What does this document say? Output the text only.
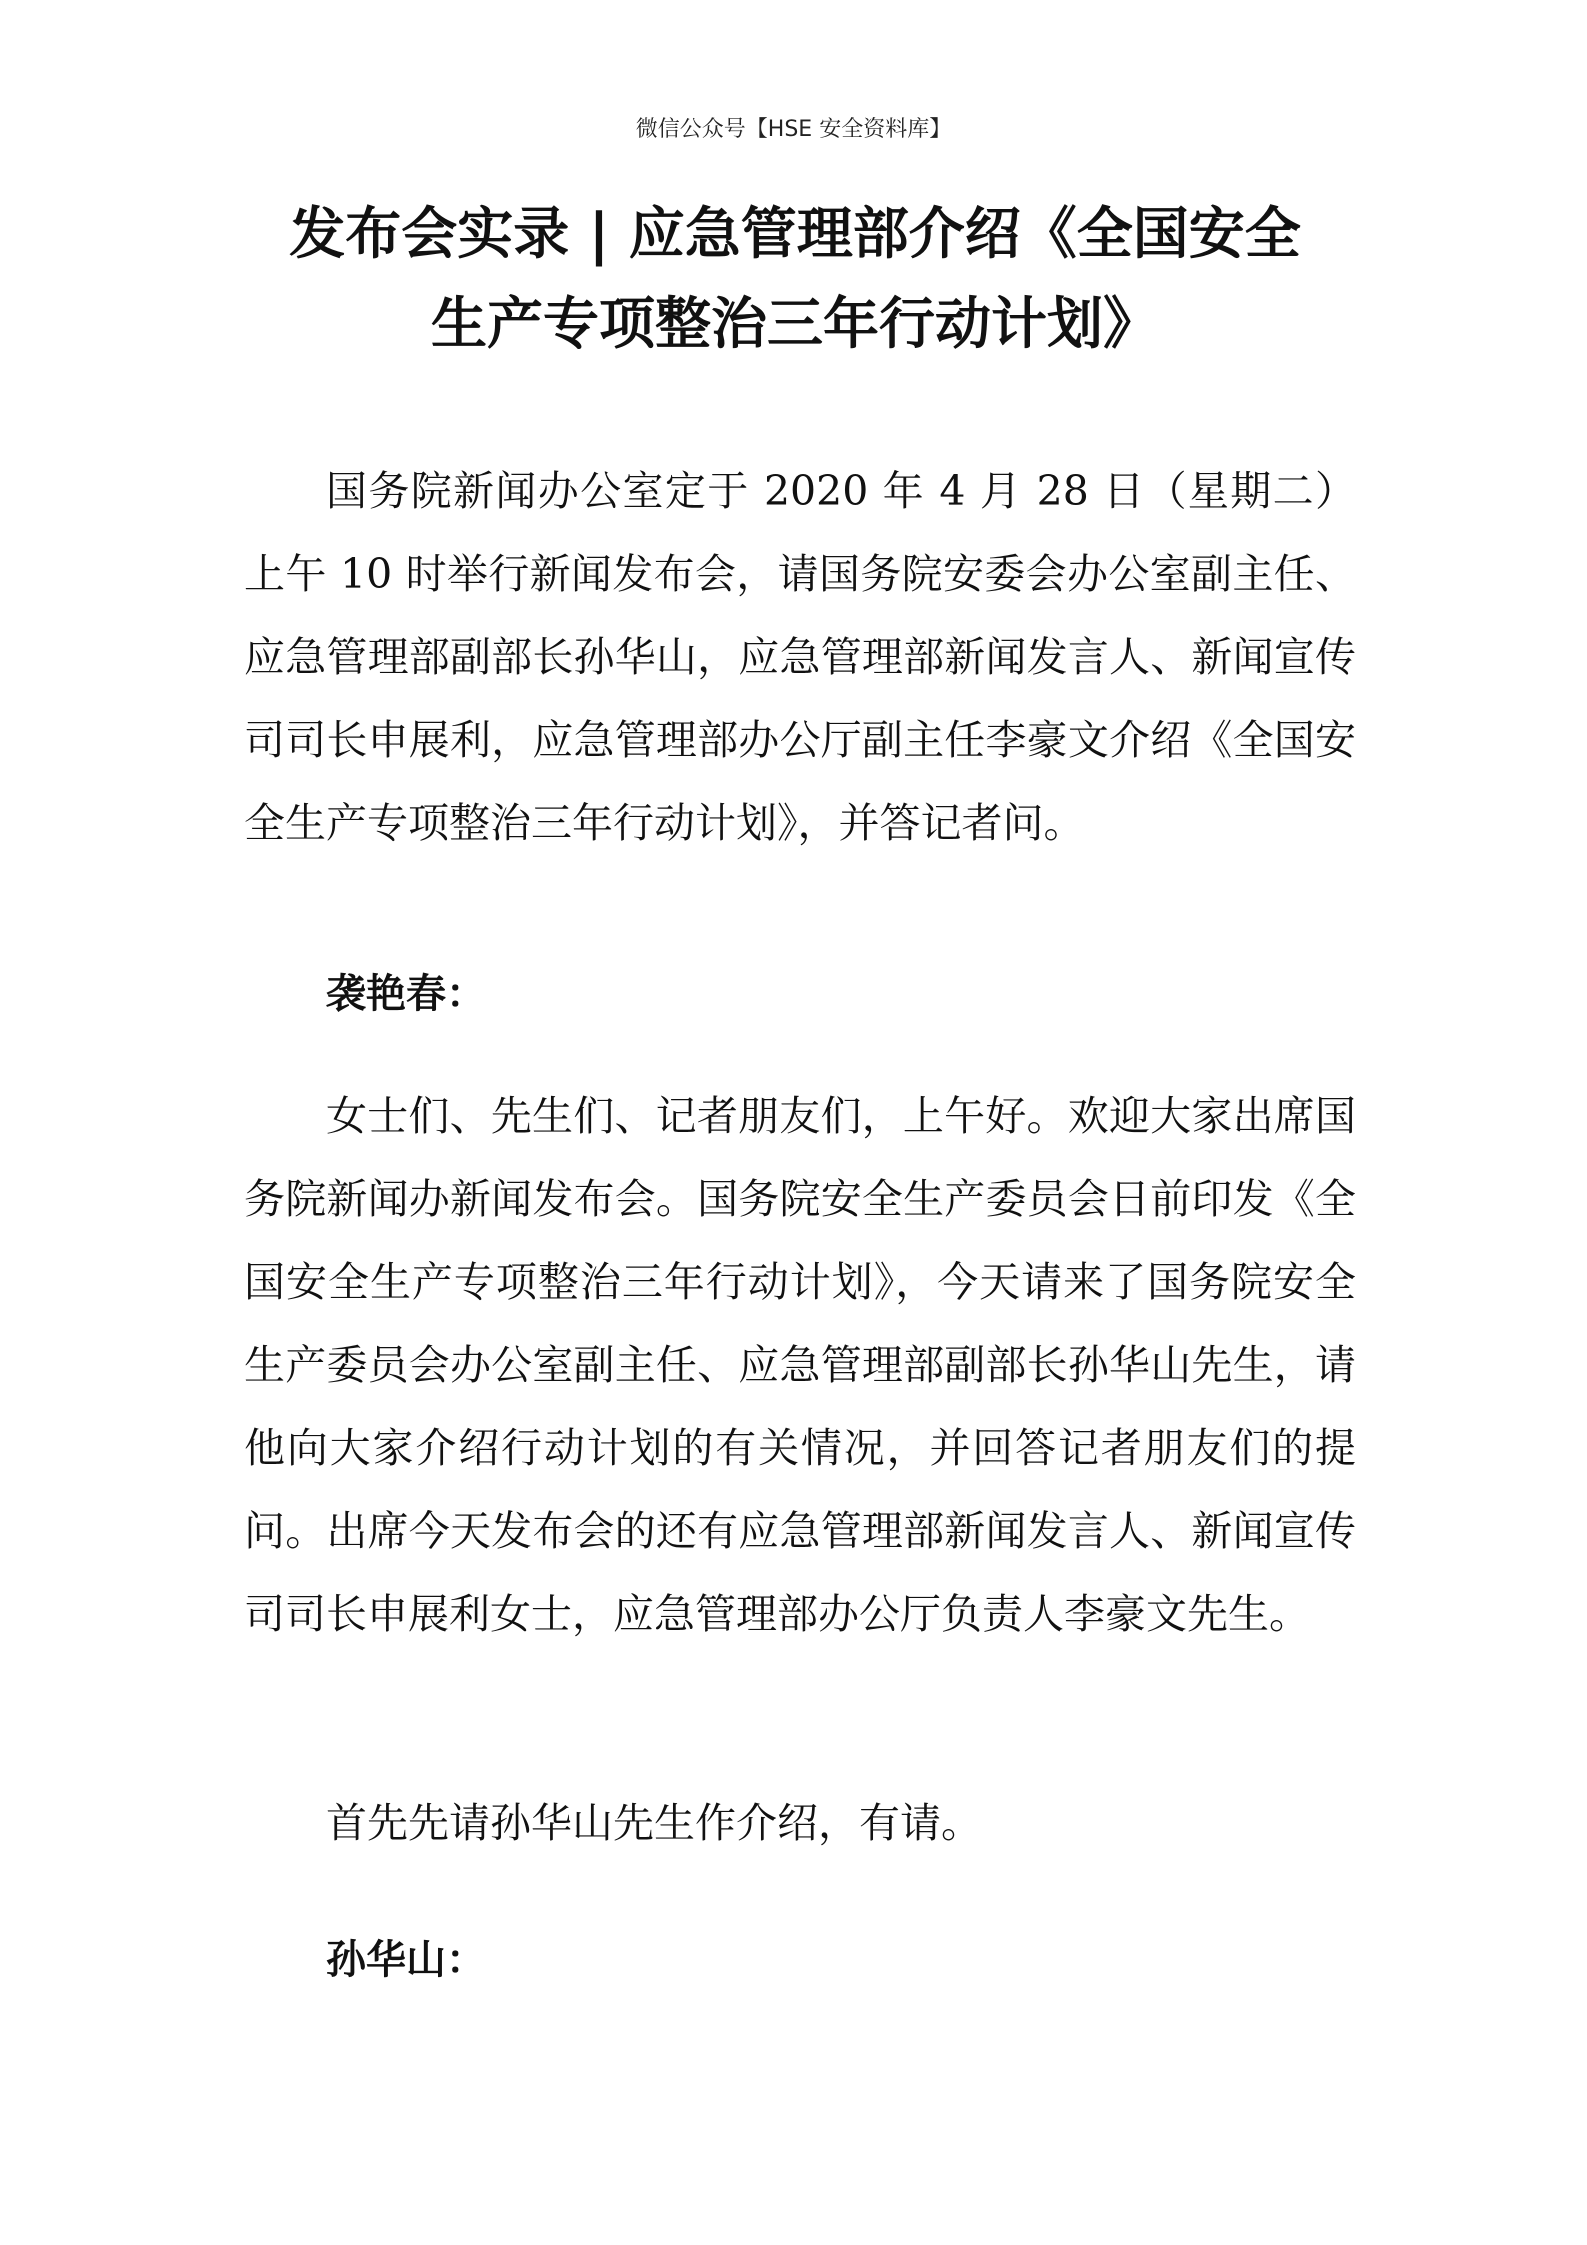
微信公众号【HSE 安全资料库】
发布会实录 | 应急管理部介绍《全国安全
生产专项整治三年行动计划》

国务院新闻办公室定于 2020 年 4 月 28 日（星期二）上午 10 时举行新闻发布会，请国务院安委会办公室副主任、应急管理部副部长孙华山，应急管理部新闻发言人、新闻宣传司司长申展利，应急管理部办公厅副主任李豪文介绍《全国安全生产专项整治三年行动计划》，并答记者问。

袭艳春：

女士们、先生们、记者朋友们，上午好。欢迎大家出席国务院新闻办新闻发布会。国务院安全生产委员会日前印发《全国安全生产专项整治三年行动计划》，今天请来了国务院安全生产委员会办公室副主任、应急管理部副部长孙华山先生，请他向大家介绍行动计划的有关情况，并回答记者朋友们的提问。出席今天发布会的还有应急管理部新闻发言人、新闻宣传司司长申展利女士，应急管理部办公厅负责人李豪文先生。

首先先请孙华山先生作介绍，有请。

孙华山：
